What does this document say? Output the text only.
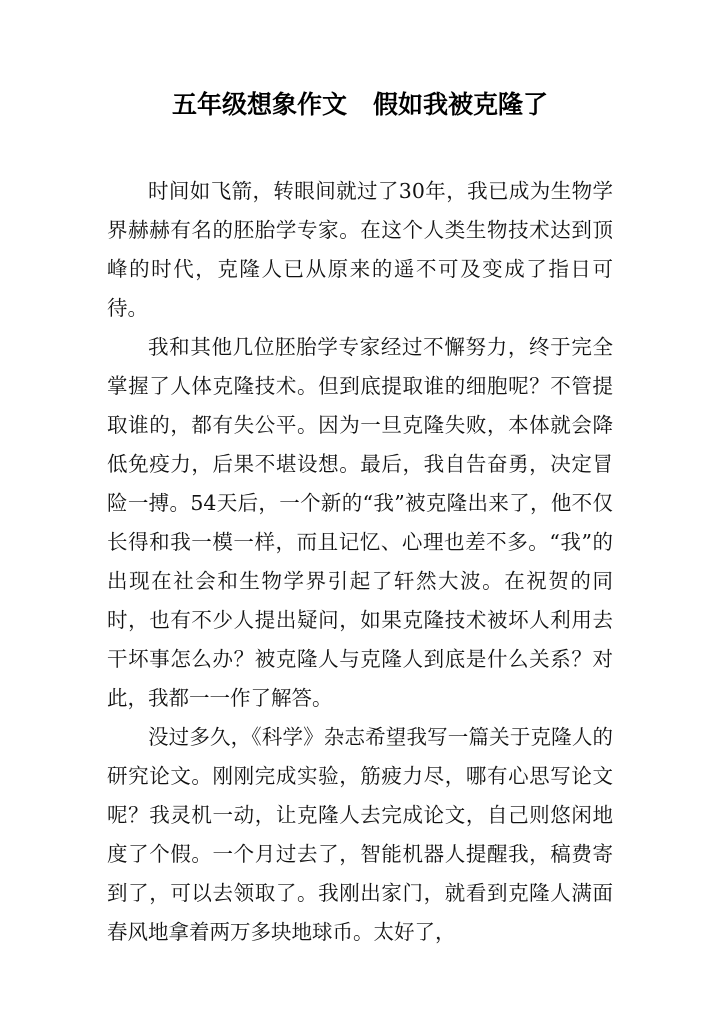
五年级想象作文   假如我被克隆了

时间如飞箭，转眼间就过了30年，我已成为生物学界赫赫有名的胚胎学专家。在这个人类生物技术达到顶峰的时代，克隆人已从原来的遥不可及变成了指日可待。

我和其他几位胚胎学专家经过不懈努力，终于完全掌握了人体克隆技术。但到底提取谁的细胞呢？不管提取谁的，都有失公平。因为一旦克隆失败，本体就会降低免疫力，后果不堪设想。最后，我自告奋勇，决定冒险一搏。54天后，一个新的“我”被克隆出来了，他不仅长得和我一模一样，而且记忆、心理也差不多。“我”的出现在社会和生物学界引起了轩然大波。在祝贺的同时，也有不少人提出疑问，如果克隆技术被坏人利用去干坏事怎么办？被克隆人与克隆人到底是什么关系？对此，我都一一作了解答。

没过多久，《科学》杂志希望我写一篇关于克隆人的研究论文。刚刚完成实验，筋疲力尽，哪有心思写论文呢？我灵机一动，让克隆人去完成论文，自己则悠闲地度了个假。一个月过去了，智能机器人提醒我，稿费寄到了，可以去领取了。我刚出家门，就看到克隆人满面春风地拿着两万多块地球币。太好了，
